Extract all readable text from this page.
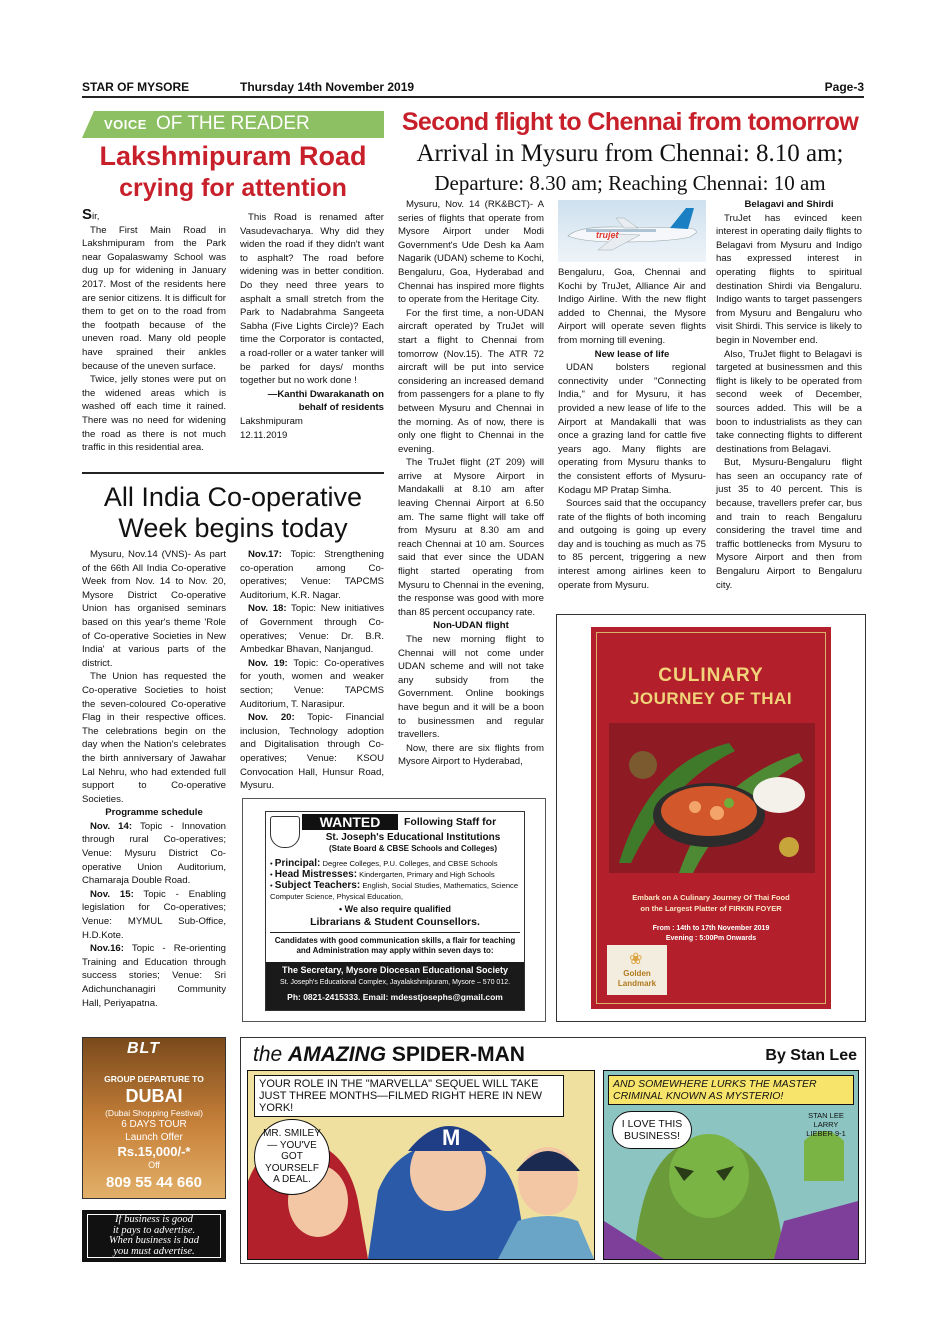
STAR OF MYSORE	Thursday 14th November 2019	Page-3
VOICE OF THE READER
Lakshmipuram Road
crying for attention

Sir,

The First Main Road in Lakshmipuram from the Park near Gopalaswamy School was dug up for widening in January 2017. Most of the residents here are senior citizens. It is difficult for them to get on to the road from the footpath because of the uneven road. Many old people have sprained their ankles because of the uneven surface.

Twice, jelly stones were put on the widened areas which is washed off each time it rained. There was no need for widening the road as there is not much traffic in this residential area.

This Road is renamed after Vasudevacharya. Why did they widen the road if they didn't want to asphalt? The road before widening was in better condition. Do they need three years to asphalt a small stretch from the Park to Nadabrahma Sangeeta Sabha (Five Lights Circle)? Each time the Corporator is contacted, a road-roller or a water tanker will be parked for days/ months together but no work done !

—Kanthi Dwarakanath on behalf of residents

Lakshmipuram

12.11.2019

All India Co-operative
Week begins today

Mysuru, Nov.14 (VNS)- As part of the 66th All India Co-operative Week from Nov. 14 to Nov. 20, Mysore District Co-operative Union has organised seminars based on this year's theme 'Role of Co-operative Societies in New India' at various parts of the district.

The Union has requested the Co-operative Societies to hoist the seven-coloured Co-operative Flag in their respective offices. The celebrations begin on the day when the Nation's celebrates the birth anniversary of Jawahar Lal Nehru, who had extended full support to Co-operative Societies.

Programme schedule

Nov. 14: Topic - Innovation through rural Co-operatives; Venue: Mysuru District Co-operative Union Auditorium, Chamaraja Double Road.

Nov. 15: Topic - Enabling legislation for Co-operatives; Venue: MYMUL Sub-Office, H.D.Kote.

Nov.16: Topic - Re-orienting Training and Education through success stories; Venue: Sri Adichunchanagiri Community Hall, Periyapatna.

Nov.17: Topic: Strengthening co-operation among Co-operatives; Venue: TAPCMS Auditorium, K.R. Nagar.

Nov. 18: Topic: New initiatives of Government through Co-operatives; Venue: Dr. B.R. Ambedkar Bhavan, Nanjangud.

Nov. 19: Topic: Co-operatives for youth, women and weaker section; Venue: TAPCMS Auditorium, T. Narasipur.

Nov. 20: Topic- Financial inclusion, Technology adoption and Digitalisation through Co-operatives; Venue: KSOU Convocation Hall, Hunsur Road, Mysuru.

Second flight to Chennai from tomorrow
Arrival in Mysuru from Chennai: 8.10 am;
Departure: 8.30 am; Reaching Chennai: 10 am

Mysuru, Nov. 14 (RK&BCT)- A series of flights that operate from Mysore Airport under Modi Government's Ude Desh ka Aam Nagarik (UDAN) scheme to Kochi, Bengaluru, Goa, Hyderabad and Chennai has inspired more flights to operate from the Heritage City.

For the first time, a non-UDAN aircraft operated by TruJet will start a flight to Chennai from tomorrow (Nov.15). The ATR 72 aircraft will be put into service considering an increased demand from passengers for a plane to fly between Mysuru and Chennai in the morning. As of now, there is only one flight to Chennai in the evening.

The TruJet flight (2T 209) will arrive at Mysore Airport in Mandakalli at 8.10 am after leaving Chennai Airport at 6.50 am. The same flight will take off from Mysuru at 8.30 am and reach Chennai at 10 am. Sources said that ever since the UDAN flight started operating from Mysuru to Chennai in the evening, the response was good with more than 85 percent occupancy rate.

Non-UDAN flight

The new morning flight to Chennai will not come under UDAN scheme and will not take any subsidy from the Government. Online bookings have begun and it will be a boon to businessmen and regular travellers.

Now, there are six flights from Mysore Airport to Hyderabad,

trujet

Bengaluru, Goa, Chennai and Kochi by TruJet, Alliance Air and Indigo Airline. With the new flight added to Chennai, the Mysore Airport will operate seven flights from morning till evening.

New lease of life

UDAN bolsters regional connectivity under "Connecting India," and for Mysuru, it has provided a new lease of life to the Airport at Mandakalli that was once a grazing land for cattle five years ago. Many flights are operating from Mysuru thanks to the consistent efforts of Mysuru-Kodagu MP Pratap Simha.

Sources said that the occupancy rate of the flights of both incoming and outgoing is going up every day and is touching as much as 75 to 85 percent, triggering a new interest among airlines keen to operate from Mysuru.

Belagavi and Shirdi

TruJet has evinced keen interest in operating daily flights to Belagavi from Mysuru and Indigo has expressed interest in operating flights to spiritual destination Shirdi via Bengaluru. Indigo wants to target passengers from Mysuru and Bengaluru who visit Shirdi. This service is likely to begin in November end.

Also, TruJet flight to Belagavi is targeted at businessmen and this flight is likely to be operated from second week of December, sources added. This will be a boon to industrialists as they can take connecting flights to different destinations from Belagavi.

But, Mysuru-Bengaluru flight has seen an occupancy rate of just 35 to 40 percent. This is because, travellers prefer car, bus and train to reach Bengaluru considering the travel time and traffic bottlenecks from Mysuru to Mysore Airport and then from Bengaluru Airport to Bengaluru city.

CULINARY
JOURNEY OF THAI
Embark on A Culinary Journey Of Thai Food
on the Largest Platter of FIRKIN FOYER
From : 14th to 17th November 2019
Evening : 5:00Pm Onwards
❀
Golden
Landmark
WANTED	Following Staff for
St. Joseph's Educational Institutions
(State Board & CBSE Schools and Colleges)
• Principal: Degree Colleges, P.U. Colleges, and CBSE Schools
• Head Mistresses: Kindergarten, Primary and High Schools
• Subject Teachers: English, Social Studies, Mathematics, Science Computer Science, Physical Education,
• We also require qualified
Librarians & Student Counsellors.
Candidates with good communication skills, a flair for teaching and Administration may apply within seven days to:
The Secretary, Mysore Diocesan Educational Society
St. Joseph's Educational Complex, Jayalakshmipuram, Mysore – 570 012.
Ph: 0821-2415333. Email: mdesstjosephs@gmail.com
BLT
GROUP DEPARTURE TO
DUBAI
(Dubai Shopping Festival)
6 DAYS TOUR
Launch Offer
Rs.15,000/-*
Off
809 55 44 660
If business is good
it pays to advertise.
When business is bad
you must advertise.
the AMAZING SPIDER-MAN	By Stan Lee
M
YOUR ROLE IN THE "MARVELLA" SEQUEL WILL TAKE JUST THREE MONTHS—FILMED RIGHT HERE IN NEW YORK!
MR. SMILEY— YOU'VE GOT YOURSELF A DEAL.
AND SOMEWHERE LURKS THE MASTER CRIMINAL KNOWN AS MYSTERIO!
I LOVE THIS BUSINESS!
STAN LEE LARRY LIEBER 9-1
